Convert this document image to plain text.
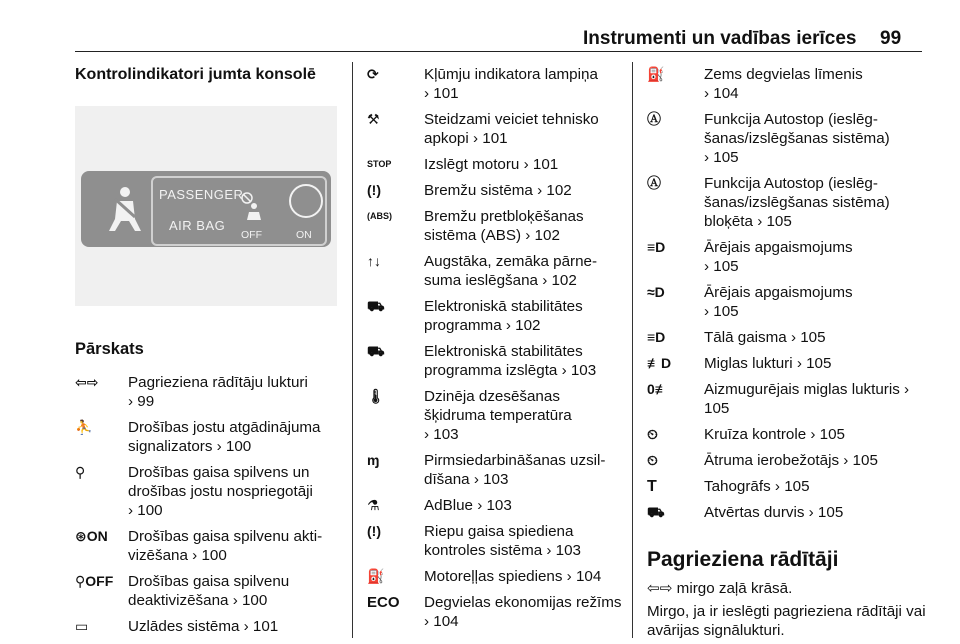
Instrumenti un vadības ierīces 99

Kontrolindikatori jumta konsolē

PASSENGER
AIR BAG
OFF	ON
Pārskats
⇦⇨	Pagrieziena rādītāju lukturi
⁠› 99
⛹	Drošības jostu atgādinājuma signalizators › 100
⚲	Drošības gaisa spilvens un drošības jostu nospriegotāji
› 100
⊛ON	Drošības gaisa spilvenu akti-vizēšana › 100
⚲OFF Drošības gaisa spilvenu deaktivizēšana › 100
▭	Uzlādes sistēma › 101
⟳	Kļūmju indikatora lampiņa
› 101
⚒	Steidzami veiciet tehnisko apkopi › 101
STOP	Izslēgt motoru › 101
(!)	Bremžu sistēma › 102
(ABS)	Bremžu pretbloķēšanas sistēma (ABS) › 102
↑↓	Augstāka, zemāka pārne-suma ieslēgšana › 102
⛟	Elektroniskā stabilitātes programma › 102
⛟	Elektroniskā stabilitātes programma izslēgta › 103
🌡	Dzinēja dzesēšanas šķidruma temperatūra
› 103
ɱ	Pirmsiedarbināšanas uzsil-dīšana › 103
⚗	AdBlue › 103
(!)	Riepu gaisa spiediena kontroles sistēma › 103
⛽	Motoreļļas spiediens › 104
ECO	Degvielas ekonomijas režīms › 104
⛽	Zems degvielas līmenis
› 104
Ⓐ	Funkcija Autostop (ieslēg-šanas/izslēgšanas sistēma)
› 105
Ⓐ	Funkcija Autostop (ieslēg-šanas/izslēgšanas sistēma) bloķēta › 105
≡D	Ārējais apgaismojums
› 105
≈D	Ārējais apgaismojums
› 105
≡D	Tālā gaisma › 105
≢D	Miglas lukturi › 105
0≢	Aizmugurējais miglas lukturis › 105
⏲	Kruīza kontrole › 105
⏲	Ātruma ierobežotājs › 105
T	Tahogrāfs › 105
⛟	Atvērtas durvis › 105
Pagrieziena rādītāji

⇦⇨ mirgo zaļā krāsā.

Mirgo, ja ir ieslēgti pagrieziena rādītāji vai avārijas signālukturi.
